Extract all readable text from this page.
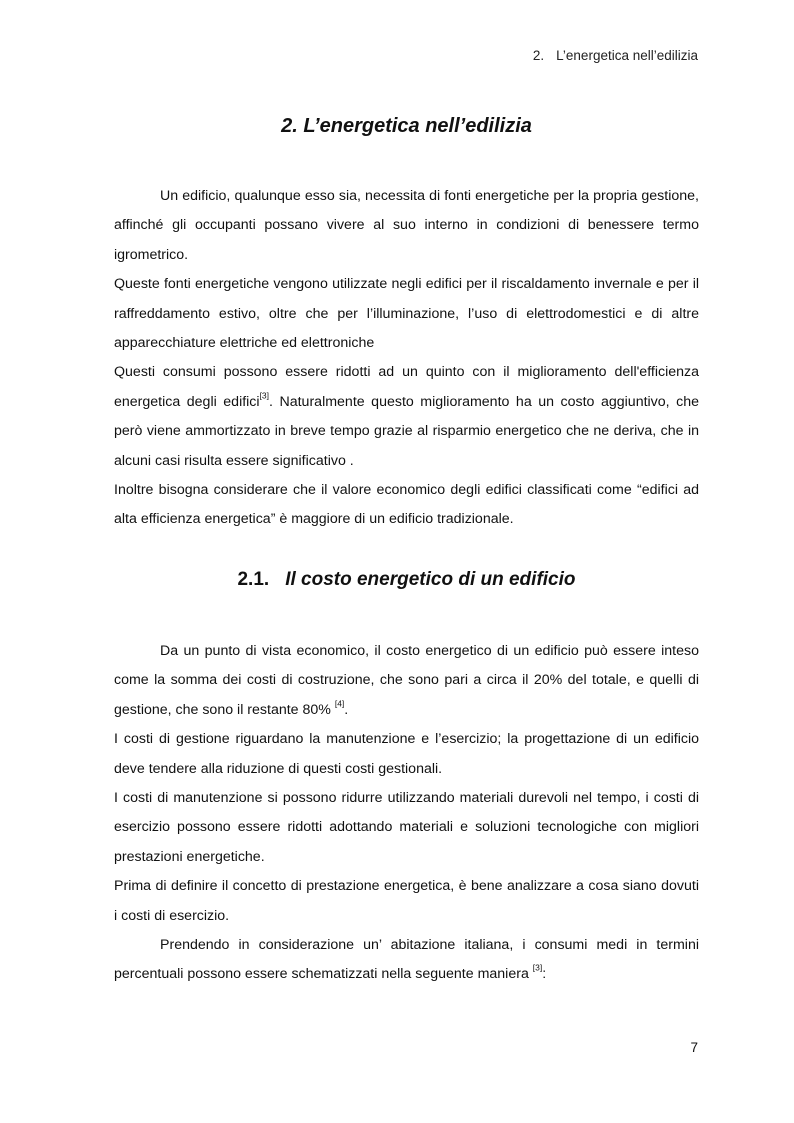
2. L’energetica nell’edilizia
2. L’energetica nell’edilizia

Un edificio, qualunque esso sia, necessita di fonti energetiche per la propria gestione, affinché gli occupanti possano vivere al suo interno in condizioni di benessere termo igrometrico.

Queste fonti energetiche vengono utilizzate negli edifici per il riscaldamento invernale e per il raffreddamento estivo, oltre che per l’illuminazione, l’uso di elettrodomestici e di altre apparecchiature elettriche ed elettroniche

Questi consumi possono essere ridotti ad un quinto con il miglioramento dell'efficienza energetica degli edifici[3]. Naturalmente questo miglioramento ha un costo aggiuntivo, che però viene ammortizzato in breve tempo grazie al risparmio energetico che ne deriva, che in alcuni casi risulta essere significativo .

Inoltre bisogna considerare che il valore economico degli edifici classificati come “edifici ad alta efficienza energetica” è maggiore di un edificio tradizionale.

2.1. Il costo energetico di un edificio

Da un punto di vista economico, il costo energetico di un edificio può essere inteso come la somma dei costi di costruzione, che sono pari a circa il 20% del totale, e quelli di gestione, che sono il restante 80% [4].

I costi di gestione riguardano la manutenzione e l’esercizio; la progettazione di un edificio deve tendere alla riduzione di questi costi gestionali.

I costi di manutenzione si possono ridurre utilizzando materiali durevoli nel tempo, i costi di esercizio possono essere ridotti adottando materiali e soluzioni tecnologiche con migliori prestazioni energetiche.

Prima di definire il concetto di prestazione energetica, è bene analizzare a cosa siano dovuti i costi di esercizio.

Prendendo in considerazione un’ abitazione italiana, i consumi medi in termini percentuali possono essere schematizzati nella seguente maniera [3]:

7
